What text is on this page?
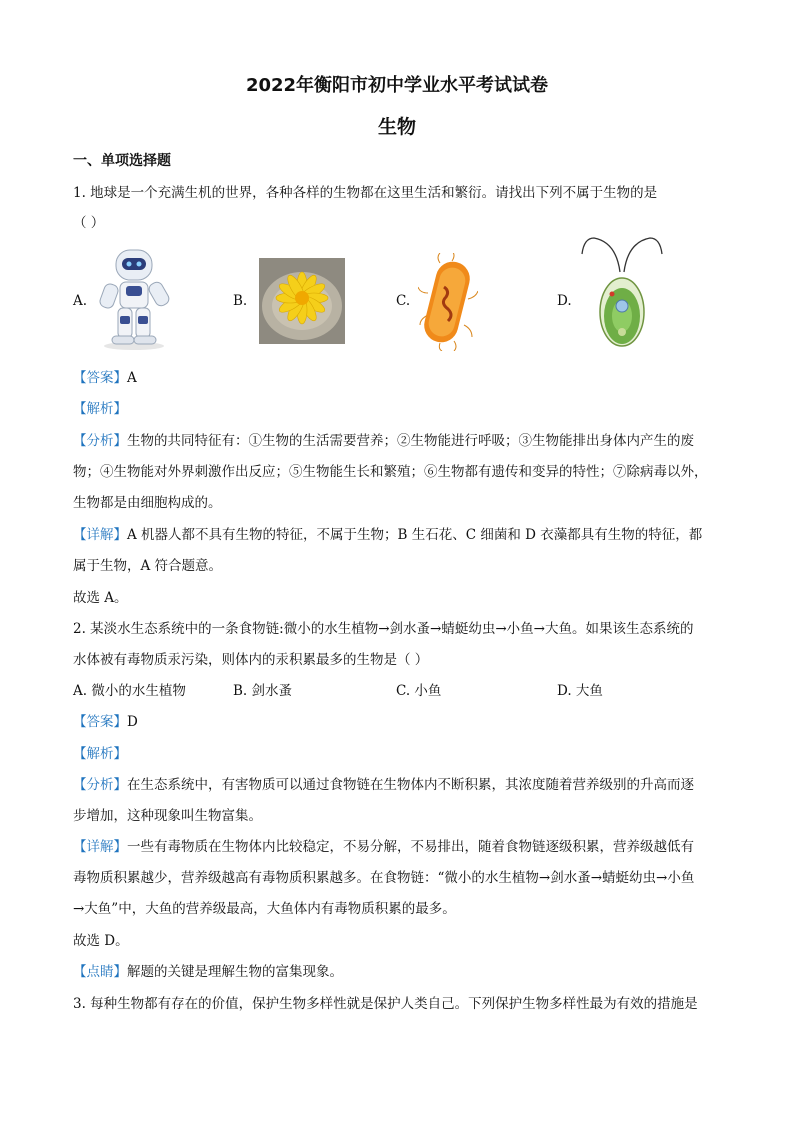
2022年衡阳市初中学业水平考试试卷
生物
一、单项选择题
1. 地球是一个充满生机的世界，各种各样的生物都在这里生活和繁衍。请找出下列不属于生物的是
（ ）
A.	B.	C.	D.
【答案】A
【解析】
【分析】生物的共同特征有：①生物的生活需要营养；②生物能进行呼吸；③生物能排出身体内产生的废
物；④生物能对外界刺激作出反应；⑤生物能生长和繁殖；⑥生物都有遗传和变异的特性；⑦除病毒以外，
生物都是由细胞构成的。
【详解】A 机器人都不具有生物的特征，不属于生物；B 生石花、C 细菌和 D 衣藻都具有生物的特征，都
属于生物，A 符合题意。
故选 A。
2. 某淡水生态系统中的一条食物链:微小的水生植物→剑水蚤→蜻蜓幼虫→小鱼→大鱼。如果该生态系统的
水体被有毒物质汞污染，则体内的汞积累最多的生物是（ ）
A. 微小的水生植物	B. 剑水蚤	C. 小鱼	D. 大鱼
【答案】D
【解析】
【分析】在生态系统中，有害物质可以通过食物链在生物体内不断积累，其浓度随着营养级别的升高而逐
步增加，这种现象叫生物富集。
【详解】一些有毒物质在生物体内比较稳定，不易分解，不易排出，随着食物链逐级积累，营养级越低有
毒物质积累越少，营养级越高有毒物质积累越多。在食物链：“微小的水生植物→剑水蚤→蜻蜓幼虫→小鱼
→大鱼”中，大鱼的营养级最高，大鱼体内有毒物质积累的最多。
故选 D。
【点睛】解题的关键是理解生物的富集现象。
3. 每种生物都有存在的价值，保护生物多样性就是保护人类自己。下列保护生物多样性最为有效的措施是
